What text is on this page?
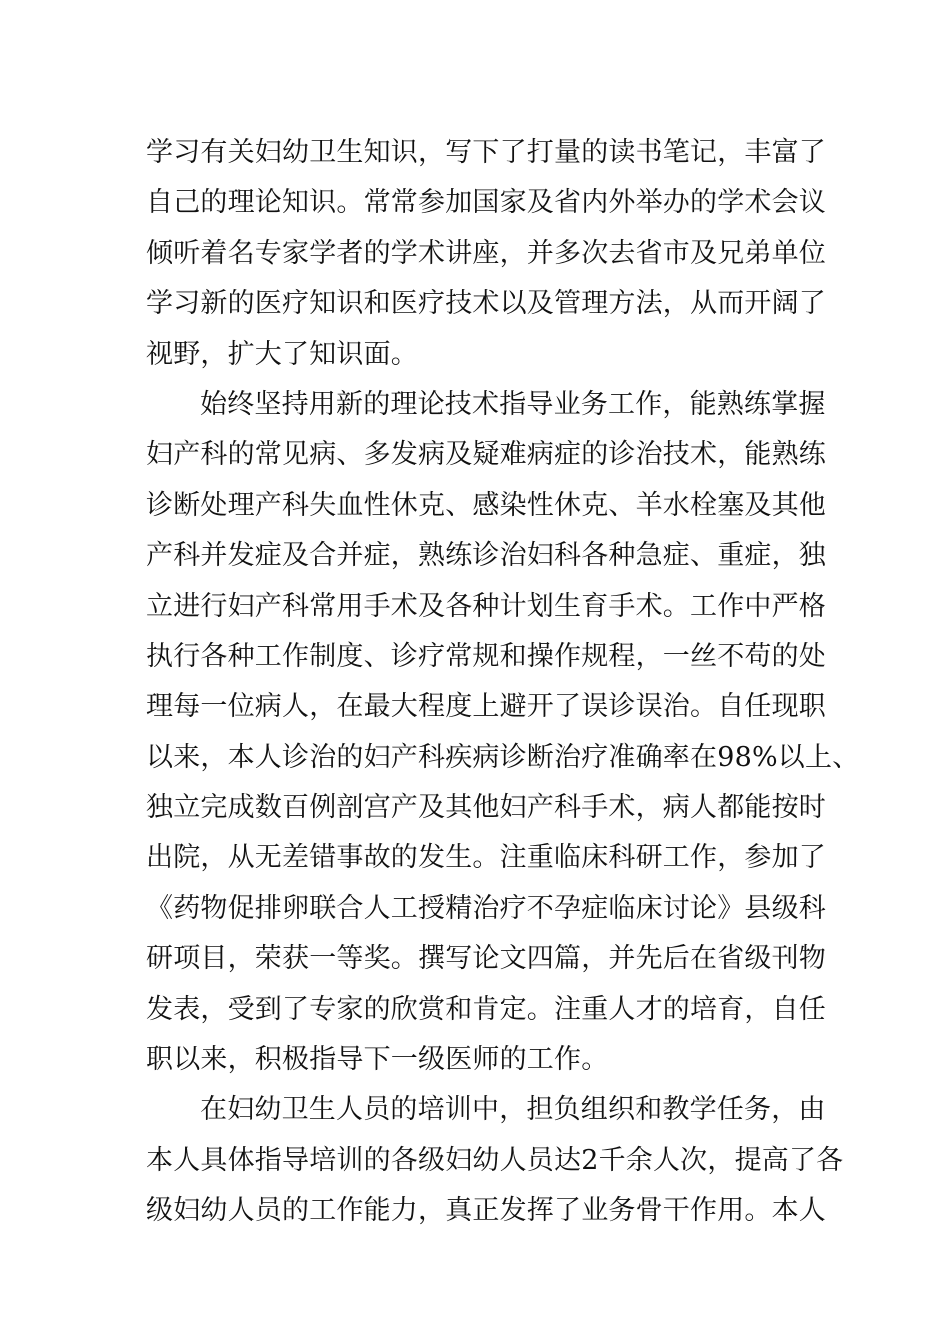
学习有关妇幼卫生知识，写下了打量的读书笔记，丰富了
自己的理论知识。常常参加国家及省内外举办的学术会议
倾听着名专家学者的学术讲座，并多次去省市及兄弟单位
学习新的医疗知识和医疗技术以及管理方法，从而开阔了
视野，扩大了知识面。
始终坚持用新的理论技术指导业务工作，能熟练掌握
妇产科的常见病、多发病及疑难病症的诊治技术，能熟练
诊断处理产科失血性休克、感染性休克、羊水栓塞及其他
产科并发症及合并症，熟练诊治妇科各种急症、重症，独
立进行妇产科常用手术及各种计划生育手术。工作中严格
执行各种工作制度、诊疗常规和操作规程，一丝不苟的处
理每一位病人，在最大程度上避开了误诊误治。自任现职
以来，本人诊治的妇产科疾病诊断治疗准确率在98%以上、
独立完成数百例剖宫产及其他妇产科手术，病人都能按时
出院，从无差错事故的发生。注重临床科研工作，参加了
《药物促排卵联合人工授精治疗不孕症临床讨论》县级科
研项目，荣获一等奖。撰写论文四篇，并先后在省级刊物
发表，受到了专家的欣赏和肯定。注重人才的培育，自任
职以来，积极指导下一级医师的工作。
在妇幼卫生人员的培训中，担负组织和教学任务，由
本人具体指导培训的各级妇幼人员达2千余人次，提高了各
级妇幼人员的工作能力，真正发挥了业务骨干作用。本人
